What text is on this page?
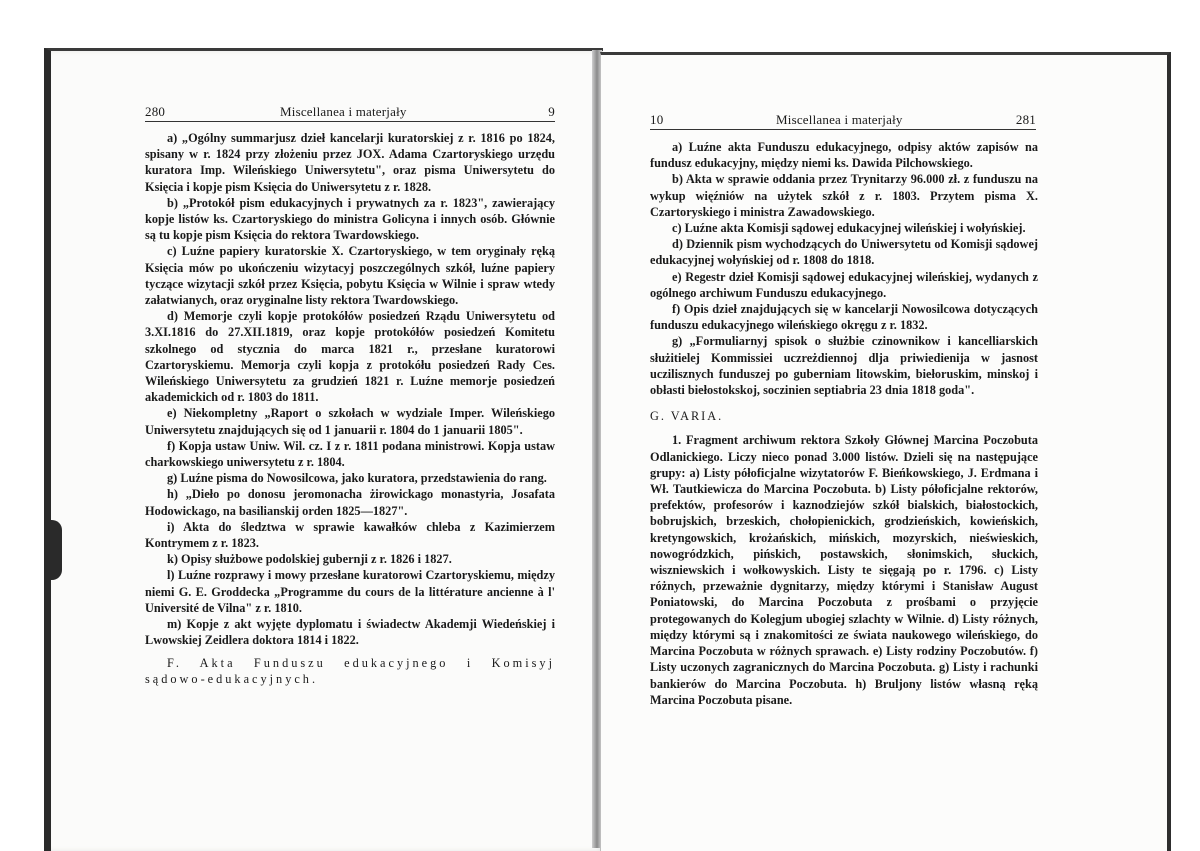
280	Miscellanea i materjały	9

a) „Ogólny summarjusz dzieł kancelarji kuratorskiej z r. 1816 po 1824, spisany w r. 1824 przy złożeniu przez JOX. Adama Czartoryskiego urzędu kuratora Imp. Wileńskiego Uniwersytetu", oraz pisma Uniwersytetu do Księcia i kopje pism Księcia do Uniwersytetu z r. 1828.

b) „Protokół pism edukacyjnych i prywatnych za r. 1823", zawierający kopje listów ks. Czartoryskiego do ministra Golicyna i innych osób. Głównie są tu kopje pism Księcia do rektora Twardowskiego.

c) Luźne papiery kuratorskie X. Czartoryskiego, w tem oryginały ręką Księcia mów po ukończeniu wizytacyj poszczególnych szkół, luźne papiery tyczące wizytacji szkół przez Księcia, pobytu Księcia w Wilnie i spraw wtedy załatwianych, oraz oryginalne listy rektora Twardowskiego.

d) Memorje czyli kopje protokółów posiedzeń Rządu Uniwersytetu od 3.XI.1816 do 27.XII.1819, oraz kopje protokółów posiedzeń Komitetu szkolnego od stycznia do marca 1821 r., przesłane kuratorowi Czartoryskiemu. Memorja czyli kopja z protokółu posiedzeń Rady Ces. Wileńskiego Uniwersytetu za grudzień 1821 r. Luźne memorje posiedzeń akademickich od r. 1803 do 1811.

e) Niekompletny „Raport o szkołach w wydziale Imper. Wileńskiego Uniwersytetu znajdujących się od 1 januarii r. 1804 do 1 januarii 1805".

f) Kopja ustaw Uniw. Wil. cz. I z r. 1811 podana ministrowi. Kopja ustaw charkowskiego uniwersytetu z r. 1804.

g) Luźne pisma do Nowosilcowa, jako kuratora, przedstawienia do rang.

h) „Dieło po donosu jeromonacha żirowickago monastyria, Josafata Hodowickago, na basilianskij orden 1825—1827".

i) Akta do śledztwa w sprawie kawałków chleba z Kazimierzem Kontrymem z r. 1823.

k) Opisy służbowe podolskiej gubernji z r. 1826 i 1827.

l) Luźne rozprawy i mowy przesłane kuratorowi Czartoryskiemu, między niemi G. E. Groddecka „Programme du cours de la littérature ancienne à l' Université de Vilna" z r. 1810.

m) Kopje z akt wyjęte dyplomatu i świadectw Akademji Wiedeńskiej i Lwowskiej Zeidlera doktora 1814 i 1822.

F. Akta Funduszu edukacyjnego i Komisyj sądowo-edukacyjnych.

10	Miscellanea i materjały	281

a) Luźne akta Funduszu edukacyjnego, odpisy aktów zapisów na fundusz edukacyjny, między niemi ks. Dawida Pilchowskiego.

b) Akta w sprawie oddania przez Trynitarzy 96.000 zł. z funduszu na wykup więźniów na użytek szkół z r. 1803. Przytem pisma X. Czartoryskiego i ministra Zawadowskiego.

c) Luźne akta Komisji sądowej edukacyjnej wileńskiej i wołyńskiej.

d) Dziennik pism wychodzących do Uniwersytetu od Komisji sądowej edukacyjnej wołyńskiej od r. 1808 do 1818.

e) Regestr dzieł Komisji sądowej edukacyjnej wileńskiej, wydanych z ogólnego archiwum Funduszu edukacyjnego.

f) Opis dzieł znajdujących się w kancelarji Nowosilcowa dotyczących funduszu edukacyjnego wileńskiego okręgu z r. 1832.

g) „Formuliarnyj spisok o służbie czinownikow i kancelliarskich służitielej Kommissiei uczreżdiennoj dlja priwiedienija w jasnost uczilisznych funduszej po guberniam litowskim, biełoruskim, minskoj i obłasti biełostokskoj, soczinien septiabria 23 dnia 1818 goda".

G. VARIA.

1. Fragment archiwum rektora Szkoły Głównej Marcina Poczobuta Odlanickiego. Liczy nieco ponad 3.000 listów. Dzieli się na następujące grupy: a) Listy półoficjalne wizytatorów F. Bieńkowskiego, J. Erdmana i Wł. Tautkiewicza do Marcina Poczobuta. b) Listy półoficjalne rektorów, prefektów, profesorów i kaznodziejów szkół bialskich, białostockich, bobrujskich, brzeskich, chołopienickich, grodzieńskich, kowieńskich, kretyngowskich, krożańskich, mińskich, mozyrskich, nieświeskich, nowogródzkich, pińskich, postawskich, słonimskich, słuckich, wiszniewskich i wołkowyskich. Listy te sięgają po r. 1796. c) Listy różnych, przeważnie dygnitarzy, między którymi i Stanisław August Poniatowski, do Marcina Poczobuta z prośbami o przyjęcie protegowanych do Kolegjum ubogiej szlachty w Wilnie. d) Listy różnych, między którymi są i znakomitości ze świata naukowego wileńskiego, do Marcina Poczobuta w różnych sprawach. e) Listy rodziny Poczobutów. f) Listy uczonych zagranicznych do Marcina Poczobuta. g) Listy i rachunki bankierów do Marcina Poczobuta. h) Bruljony listów własną ręką Marcina Poczobuta pisane.
